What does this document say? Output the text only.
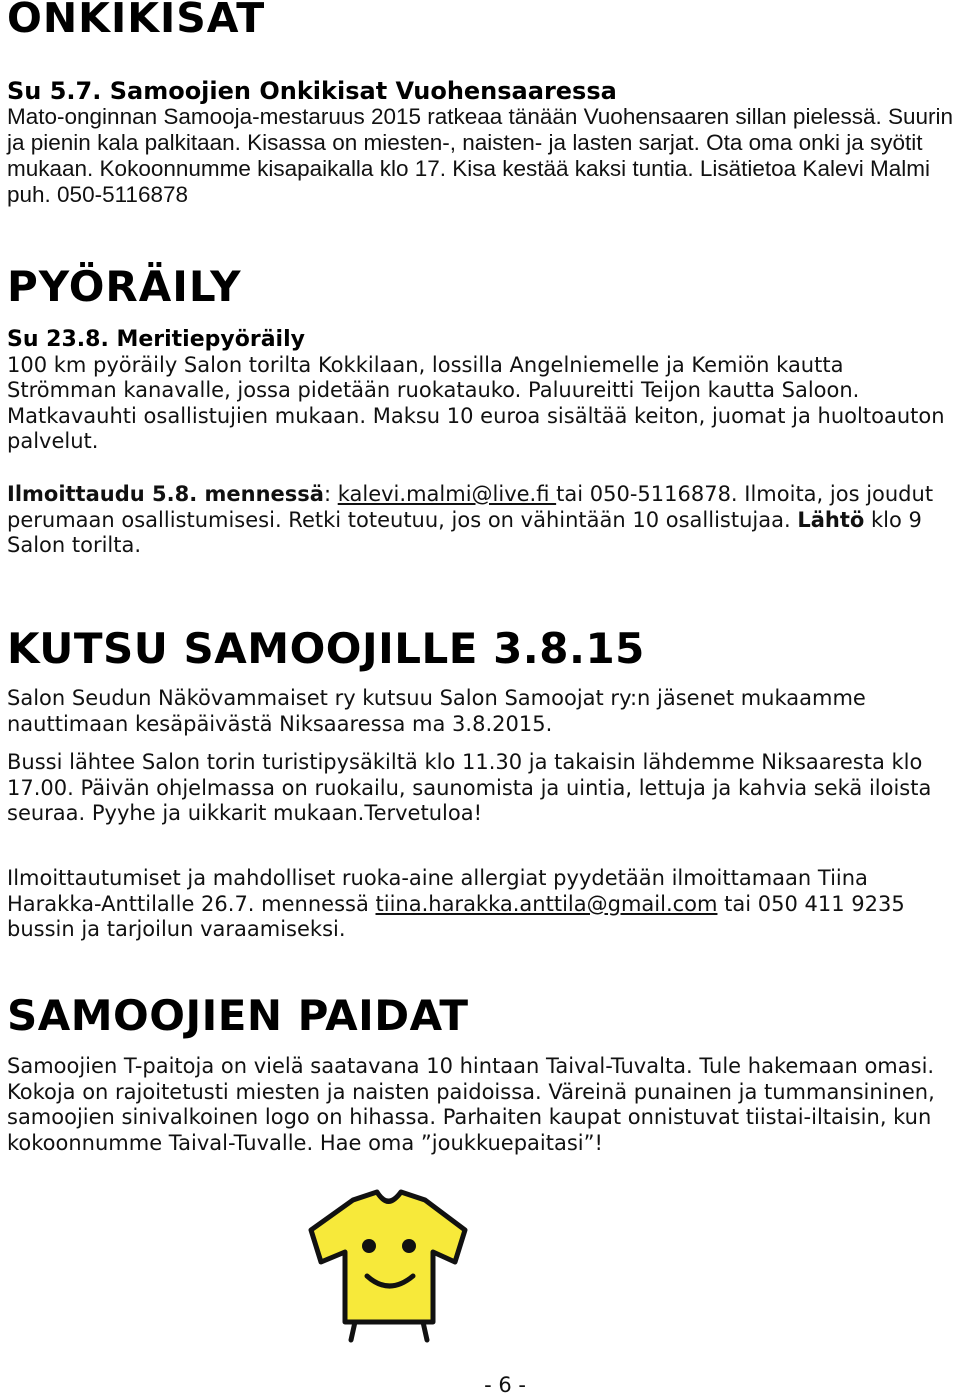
ONKIKISAT
Su 5.7. Samoojien Onkikisat Vuohensaaressa
Mato-onginnan Samooja-mestaruus 2015 ratkeaa tänään Vuohensaaren sillan pielessä. Suurin ja pienin kala palkitaan. Kisassa on miesten-, naisten- ja lasten sarjat. Ota oma onki ja syötit mukaan. Kokoonnumme kisapaikalla klo 17. Kisa kestää kaksi tuntia. Lisätietoa Kalevi Malmi puh. 050-5116878
PYÖRÄILY
Su 23.8. Meritiepyöräily
100 km pyöräily Salon torilta Kokkilaan, lossilla Angelniemelle ja Kemiön kautta Strömman kanavalle, jossa pidetään ruokatauko. Paluureitti Teijon kautta Saloon. Matkavauhti osallistujien mukaan. Maksu 10 euroa sisältää keiton, juomat ja huoltoauton palvelut.
Ilmoittaudu 5.8. mennessä: kalevi.malmi@live.fi tai 050-5116878. Ilmoita, jos joudut perumaan osallistumisesi. Retki toteutuu, jos on vähintään 10 osallistujaa. Lähtö klo 9 Salon torilta.
KUTSU SAMOOJILLE 3.8.15
Salon Seudun Näkövammaiset ry kutsuu Salon Samoojat ry:n jäsenet mukaamme nauttimaan kesäpäivästä Niksaaressa ma 3.8.2015.
Bussi lähtee Salon torin turistipysäkiltä klo 11.30 ja takaisin lähdemme Niksaaresta klo 17.00. Päivän ohjelmassa on ruokailu, saunomista ja uintia, lettuja ja kahvia sekä iloista seuraa. Pyyhe ja uikkarit mukaan.Tervetuloa!
Ilmoittautumiset ja mahdolliset ruoka-aine allergiat pyydetään ilmoittamaan Tiina Harakka-Anttilalle 26.7. mennessä tiina.harakka.anttila@gmail.com tai 050 411 9235 bussin ja tarjoilun varaamiseksi.
SAMOOJIEN PAIDAT
Samoojien T-paitoja on vielä saatavana 10 hintaan Taival-Tuvalta. Tule hakemaan omasi. Kokoja on rajoitetusti miesten ja naisten paidoissa. Väreinä punainen ja tummansininen, samoojien sinivalkoinen logo on hihassa. Parhaiten kaupat onnistuvat tiistai-iltaisin, kun kokoonnumme Taival-Tuvalle. Hae oma ”joukkuepaitasi”!
- 6 -
